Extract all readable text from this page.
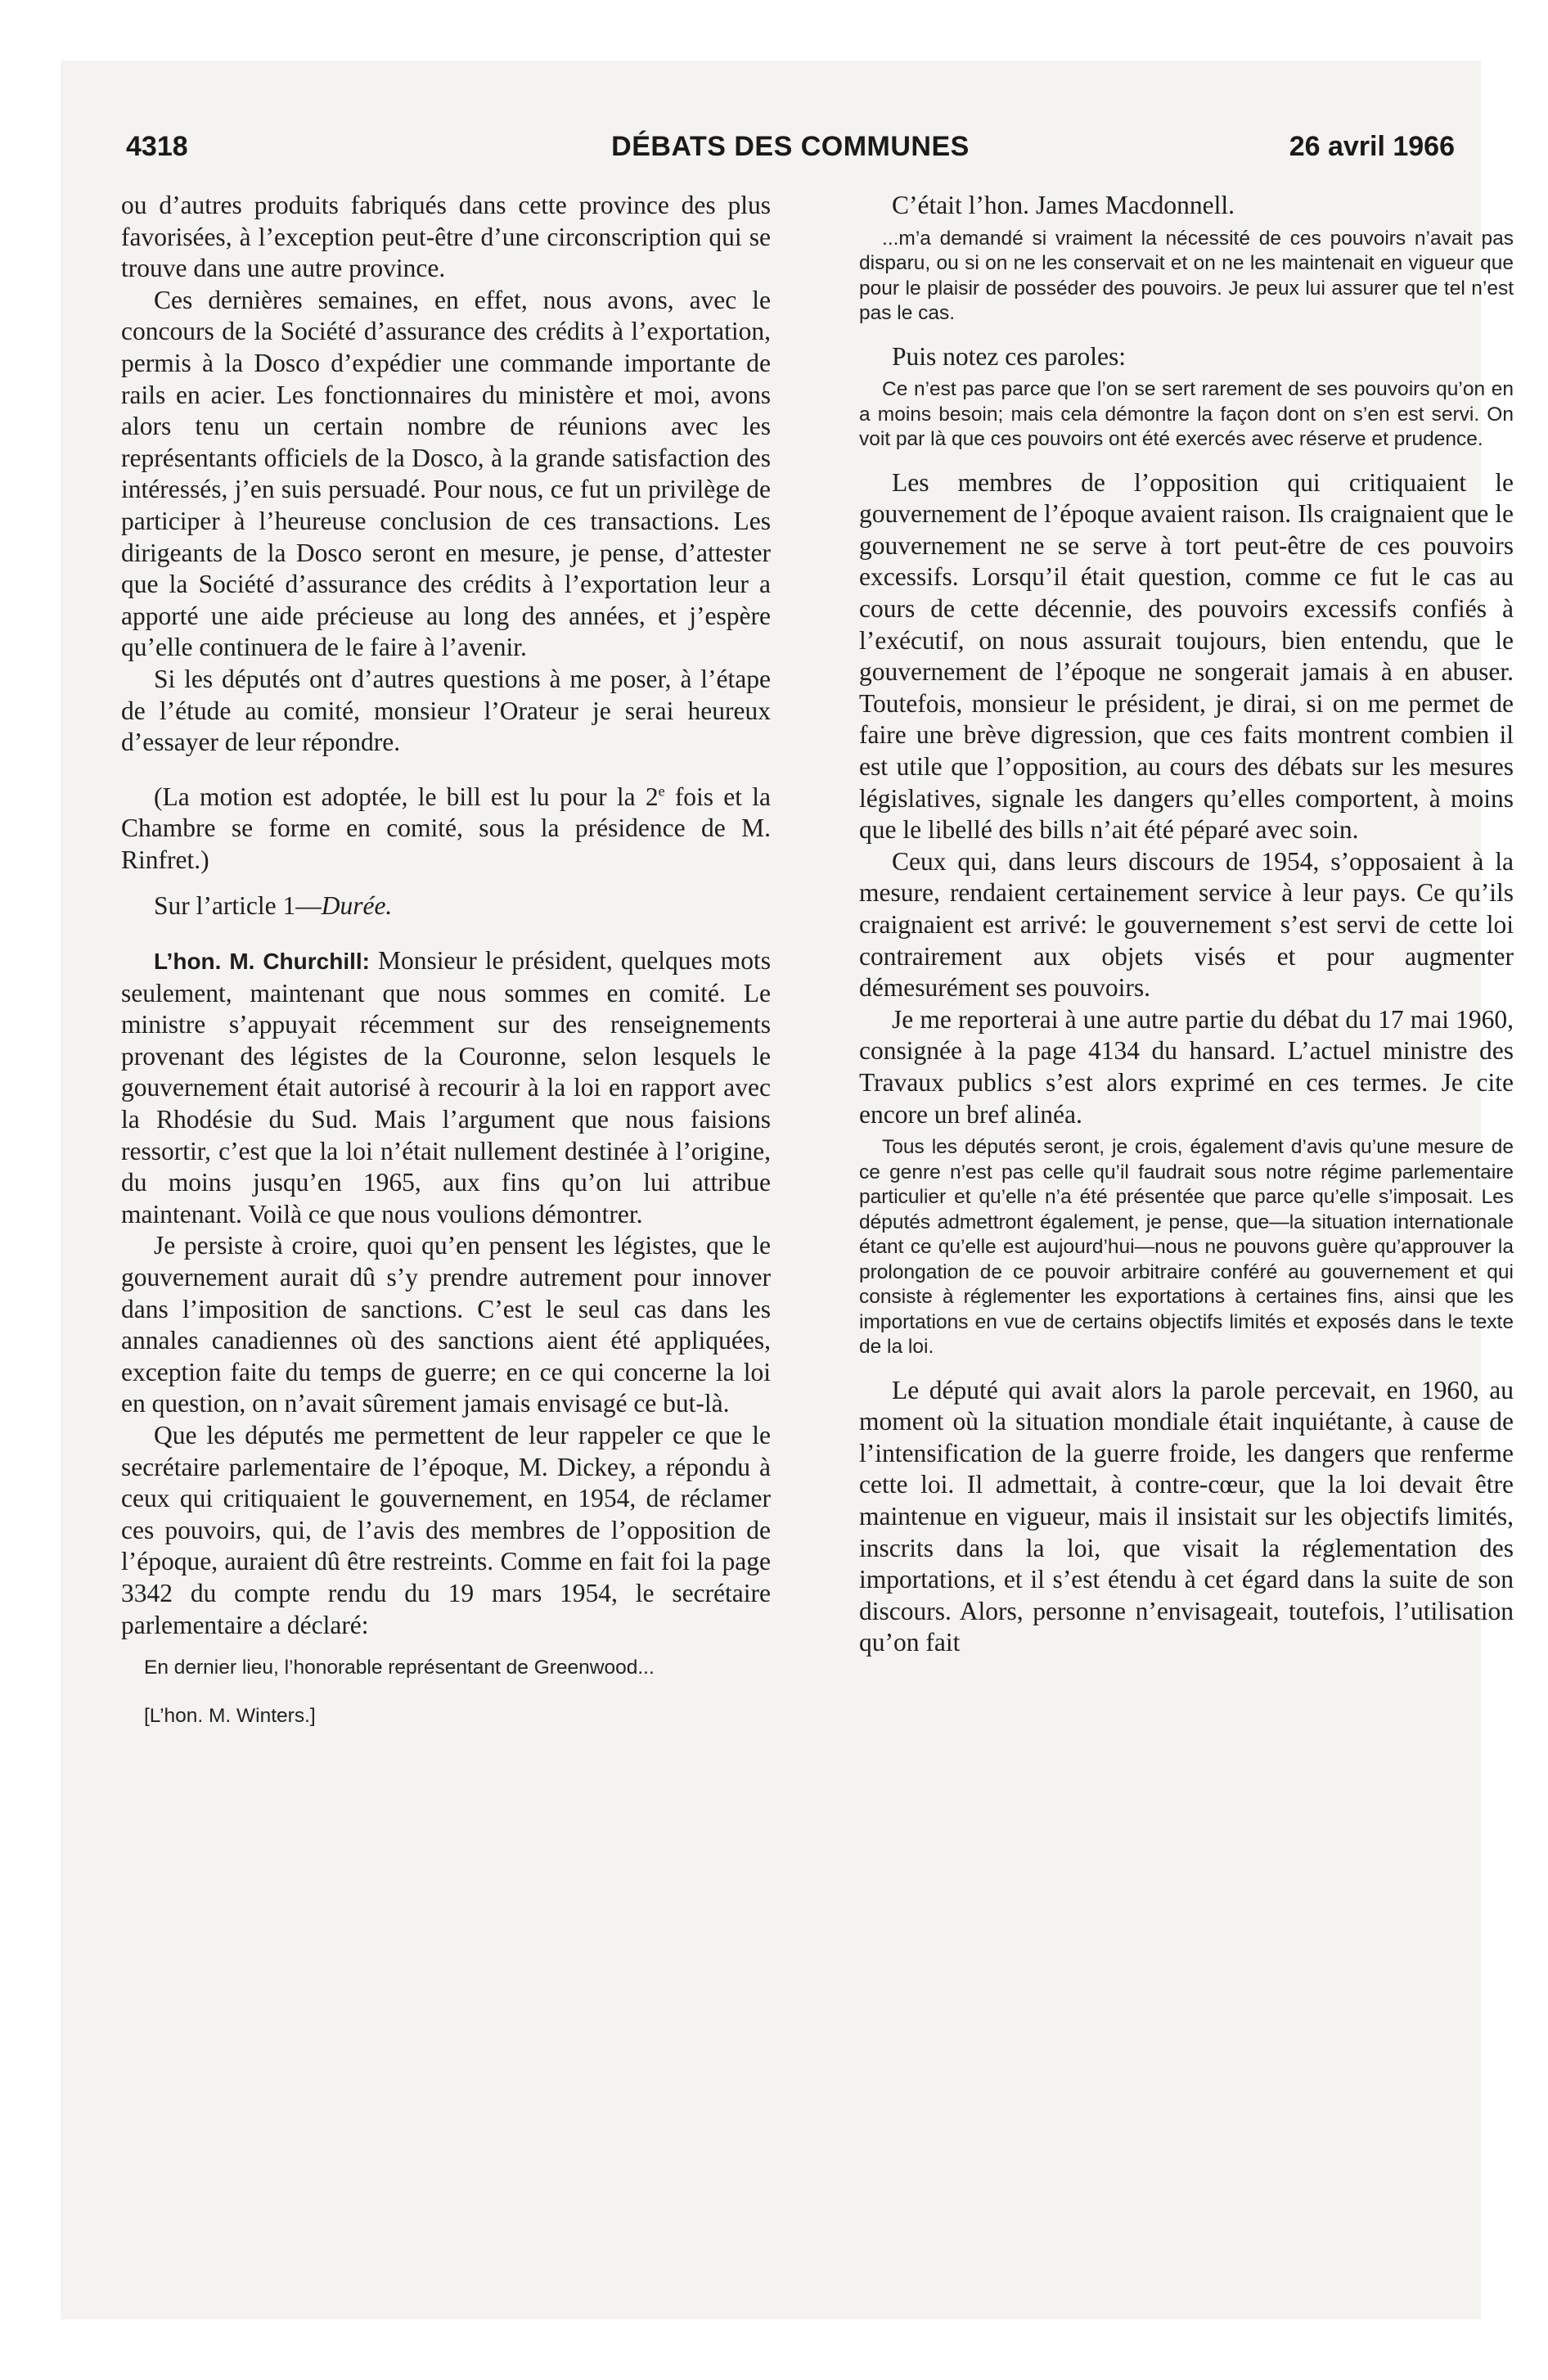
4318	DÉBATS DES COMMUNES	26 avril 1966

ou d’autres produits fabriqués dans cette province des plus favorisées, à l’exception peut-être d’une circonscription qui se trouve dans une autre province.

Ces dernières semaines, en effet, nous avons, avec le concours de la Société d’assurance des crédits à l’exportation, permis à la Dosco d’expédier une commande importante de rails en acier. Les fonctionnaires du ministère et moi, avons alors tenu un certain nombre de réunions avec les représentants officiels de la Dosco, à la grande satisfaction des intéressés, j’en suis persuadé. Pour nous, ce fut un privilège de participer à l’heureuse conclusion de ces transactions. Les dirigeants de la Dosco seront en mesure, je pense, d’attester que la Société d’assurance des crédits à l’exportation leur a apporté une aide précieuse au long des années, et j’espère qu’elle continuera de le faire à l’avenir.

Si les députés ont d’autres questions à me poser, à l’étape de l’étude au comité, monsieur l’Orateur je serai heureux d’essayer de leur répondre.

(La motion est adoptée, le bill est lu pour la 2e fois et la Chambre se forme en comité, sous la présidence de M. Rinfret.)

Sur l’article 1—Durée.

L’hon. M. Churchill: Monsieur le président, quelques mots seulement, maintenant que nous sommes en comité. Le ministre s’appuyait récemment sur des renseignements provenant des légistes de la Couronne, selon lesquels le gouvernement était autorisé à recourir à la loi en rapport avec la Rhodésie du Sud. Mais l’argument que nous faisions ressortir, c’est que la loi n’était nullement destinée à l’origine, du moins jusqu’en 1965, aux fins qu’on lui attribue maintenant. Voilà ce que nous voulions démontrer.

Je persiste à croire, quoi qu’en pensent les légistes, que le gouvernement aurait dû s’y prendre autrement pour innover dans l’imposition de sanctions. C’est le seul cas dans les annales canadiennes où des sanctions aient été appliquées, exception faite du temps de guerre; en ce qui concerne la loi en question, on n’avait sûrement jamais envisagé ce but-là.

Que les députés me permettent de leur rappeler ce que le secrétaire parlementaire de l’époque, M. Dickey, a répondu à ceux qui critiquaient le gouvernement, en 1954, de réclamer ces pouvoirs, qui, de l’avis des membres de l’opposition de l’époque, auraient dû être restreints. Comme en fait foi la page 3342 du compte rendu du 19 mars 1954, le secrétaire parlementaire a déclaré:

En dernier lieu, l’honorable représentant de Greenwood...

[L’hon. M. Winters.]

C’était l’hon. James Macdonnell.

...m’a demandé si vraiment la nécessité de ces pouvoirs n’avait pas disparu, ou si on ne les conservait et on ne les maintenait en vigueur que pour le plaisir de posséder des pouvoirs. Je peux lui assurer que tel n’est pas le cas.

Puis notez ces paroles:

Ce n’est pas parce que l’on se sert rarement de ses pouvoirs qu’on en a moins besoin; mais cela démontre la façon dont on s’en est servi. On voit par là que ces pouvoirs ont été exercés avec réserve et prudence.

Les membres de l’opposition qui critiquaient le gouvernement de l’époque avaient raison. Ils craignaient que le gouvernement ne se serve à tort peut-être de ces pouvoirs excessifs. Lorsqu’il était question, comme ce fut le cas au cours de cette décennie, des pouvoirs excessifs confiés à l’exécutif, on nous assurait toujours, bien entendu, que le gouvernement de l’époque ne songerait jamais à en abuser. Toutefois, monsieur le président, je dirai, si on me permet de faire une brève digression, que ces faits montrent combien il est utile que l’opposition, au cours des débats sur les mesures législatives, signale les dangers qu’elles comportent, à moins que le libellé des bills n’ait été péparé avec soin.

Ceux qui, dans leurs discours de 1954, s’opposaient à la mesure, rendaient certainement service à leur pays. Ce qu’ils craignaient est arrivé: le gouvernement s’est servi de cette loi contrairement aux objets visés et pour augmenter démesurément ses pouvoirs.

Je me reporterai à une autre partie du débat du 17 mai 1960, consignée à la page 4134 du hansard. L’actuel ministre des Travaux publics s’est alors exprimé en ces termes. Je cite encore un bref alinéa.

Tous les députés seront, je crois, également d’avis qu’une mesure de ce genre n’est pas celle qu’il faudrait sous notre régime parlementaire particulier et qu’elle n’a été présentée que parce qu’elle s’imposait. Les députés admettront également, je pense, que—la situation internationale étant ce qu’elle est aujourd’hui—nous ne pouvons guère qu’approuver la prolongation de ce pouvoir arbitraire conféré au gouvernement et qui consiste à réglementer les exportations à certaines fins, ainsi que les importations en vue de certains objectifs limités et exposés dans le texte de la loi.

Le député qui avait alors la parole percevait, en 1960, au moment où la situation mondiale était inquiétante, à cause de l’intensification de la guerre froide, les dangers que renferme cette loi. Il admettait, à contre-cœur, que la loi devait être maintenue en vigueur, mais il insistait sur les objectifs limités, inscrits dans la loi, que visait la réglementation des importations, et il s’est étendu à cet égard dans la suite de son discours. Alors, personne n’envisageait, toutefois, l’utilisation qu’on fait
